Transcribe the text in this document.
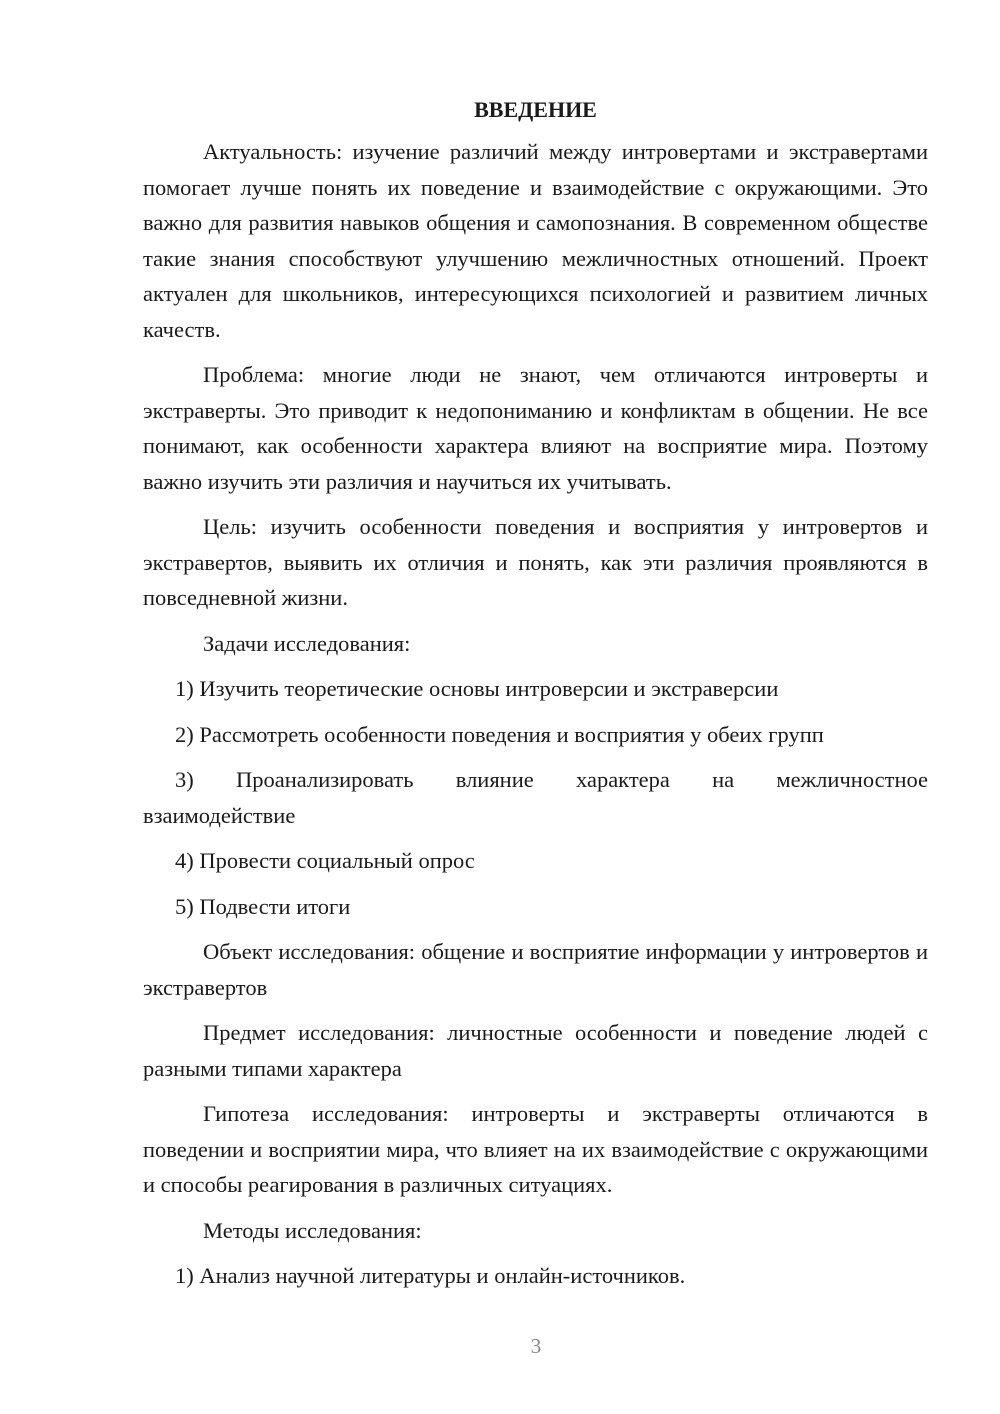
ВВЕДЕНИЕ

Актуальность: изучение различий между интровертами и экстравертами помогает лучше понять их поведение и взаимодействие с окружающими. Это важно для развития навыков общения и самопознания. В современном обществе такие знания способствуют улучшению межличностных отношений. Проект актуален для школьников, интересующихся психологией и развитием личных качеств.

Проблема: многие люди не знают, чем отличаются интроверты и экстраверты. Это приводит к недопониманию и конфликтам в общении. Не все понимают, как особенности характера влияют на восприятие мира. Поэтому важно изучить эти различия и научиться их учитывать.

Цель: изучить особенности поведения и восприятия у интровертов и экстравертов, выявить их отличия и понять, как эти различия проявляются в повседневной жизни.

Задачи исследования:

1) Изучить теоретические основы интроверсии и экстраверсии

2) Рассмотреть особенности поведения и восприятия у обеих групп

3) Проанализировать влияние характера на межличностное взаимодействие

4) Провести социальный опрос

5) Подвести итоги

Объект исследования: общение и восприятие информации у интровертов и экстравертов

Предмет исследования: личностные особенности и поведение людей с разными типами характера

Гипотеза исследования: интроверты и экстраверты отличаются в поведении и восприятии мира, что влияет на их взаимодействие с окружающими и способы реагирования в различных ситуациях.

Методы исследования:

1) Анализ научной литературы и онлайн-источников.

3
